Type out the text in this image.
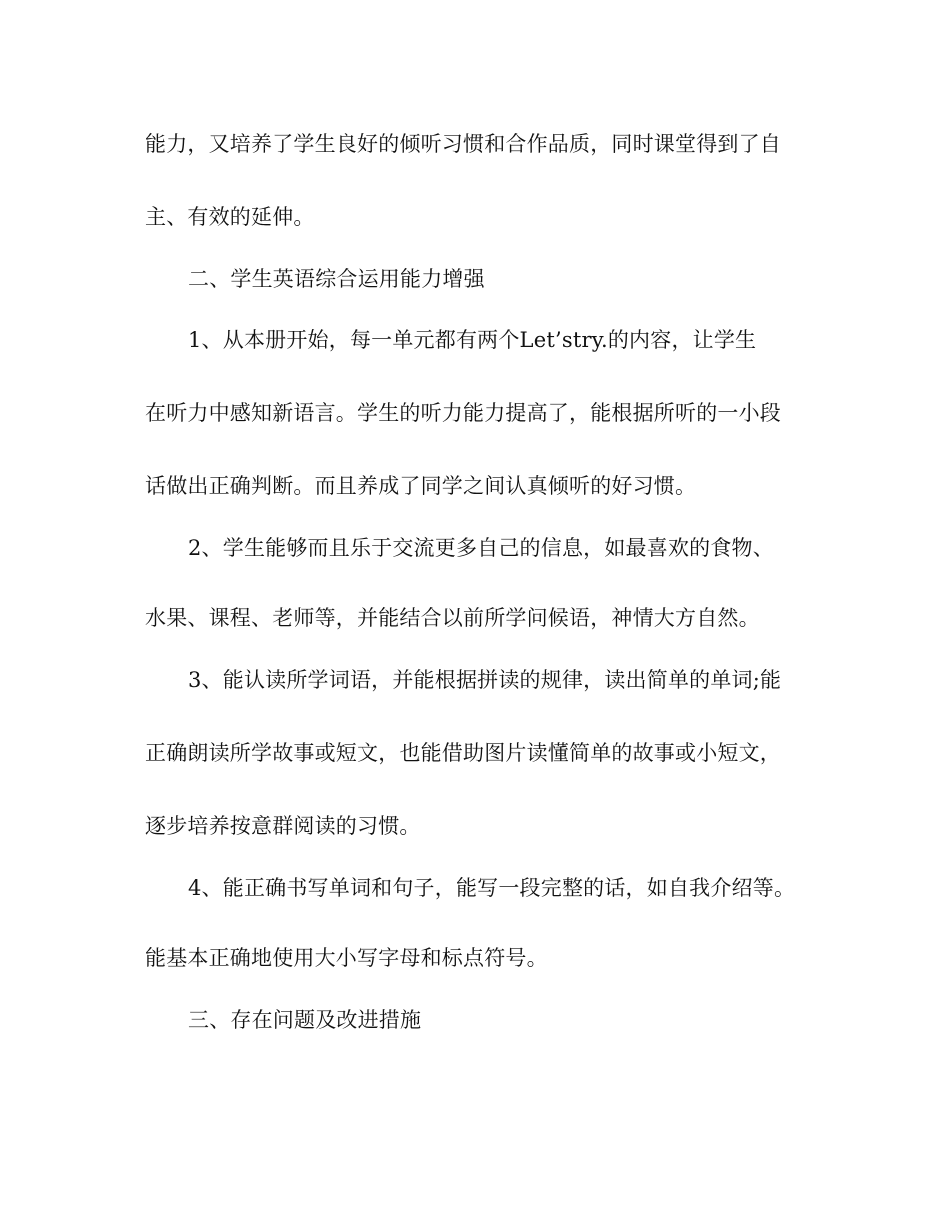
能力，又培养了学生良好的倾听习惯和合作品质，同时课堂得到了自
主、有效的延伸。
二、学生英语综合运用能力增强
1、从本册开始，每一单元都有两个Let’stry.的内容，让学生
在听力中感知新语言。学生的听力能力提高了，能根据所听的一小段
话做出正确判断。而且养成了同学之间认真倾听的好习惯。
2、学生能够而且乐于交流更多自己的信息，如最喜欢的食物、
水果、课程、老师等，并能结合以前所学问候语，神情大方自然。
3、能认读所学词语，并能根据拼读的规律，读出简单的单词;能
正确朗读所学故事或短文，也能借助图片读懂简单的故事或小短文，
逐步培养按意群阅读的习惯。
4、能正确书写单词和句子，能写一段完整的话，如自我介绍等。
能基本正确地使用大小写字母和标点符号。
三、存在问题及改进措施
